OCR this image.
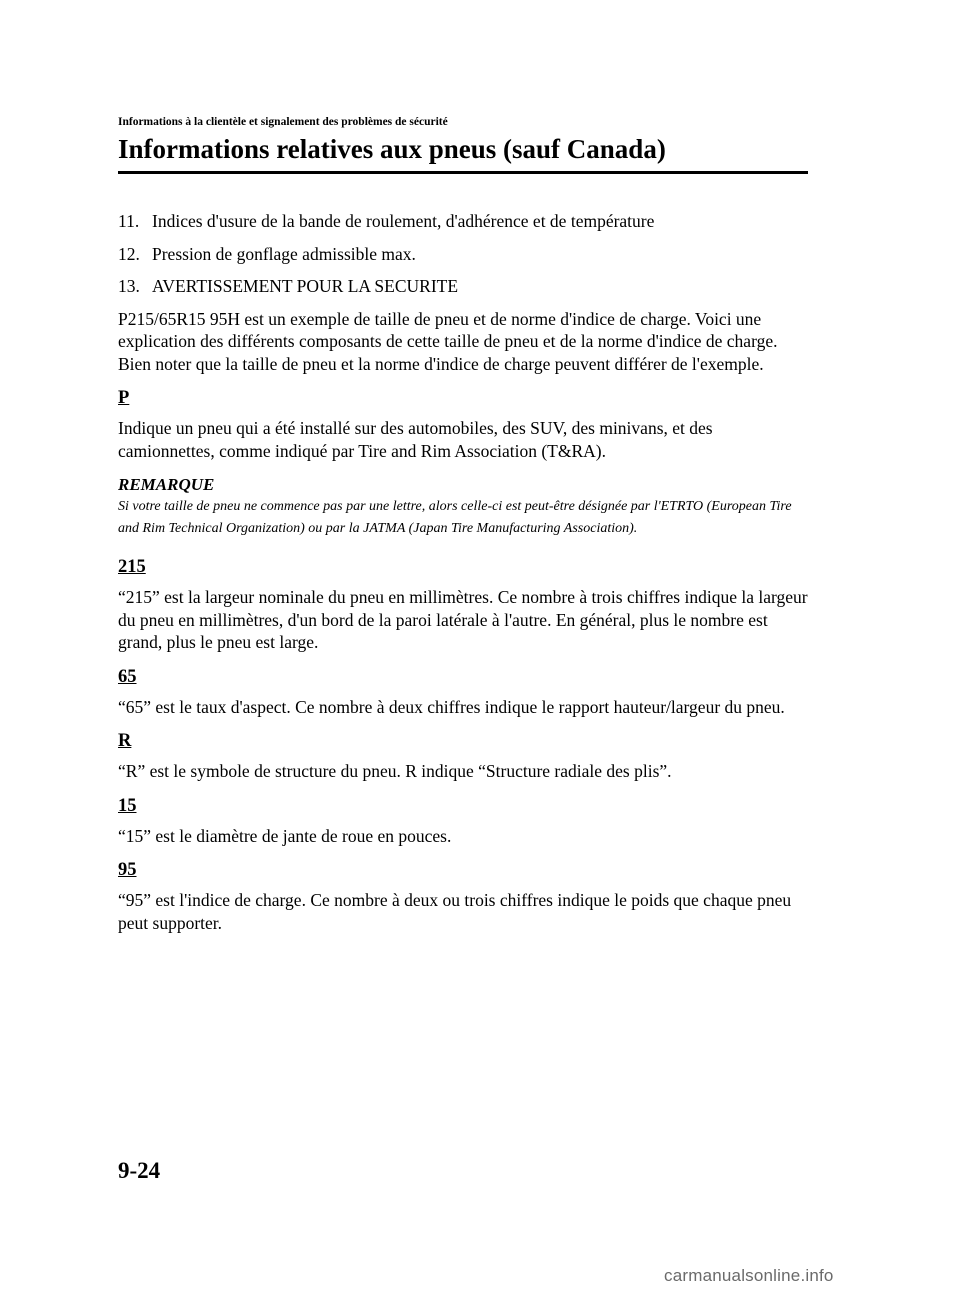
Informations à la clientèle et signalement des problèmes de sécurité
Informations relatives aux pneus (sauf Canada)
11. Indices d'usure de la bande de roulement, d'adhérence et de température
12. Pression de gonflage admissible max.
13. AVERTISSEMENT POUR LA SECURITE

P215/65R15 95H est un exemple de taille de pneu et de norme d'indice de charge. Voici une explication des différents composants de cette taille de pneu et de la norme d'indice de charge. Bien noter que la taille de pneu et la norme d'indice de charge peuvent différer de l'exemple.

P

Indique un pneu qui a été installé sur des automobiles, des SUV, des minivans, et des camionnettes, comme indiqué par Tire and Rim Association (T&RA).

REMARQUE

Si votre taille de pneu ne commence pas par une lettre, alors celle-ci est peut-être désignée par l'ETRTO (European Tire and Rim Technical Organization) ou par la JATMA (Japan Tire Manufacturing Association).

215

“215” est la largeur nominale du pneu en millimètres. Ce nombre à trois chiffres indique la largeur du pneu en millimètres, d'un bord de la paroi latérale à l'autre. En général, plus le nombre est grand, plus le pneu est large.

65

“65” est le taux d'aspect. Ce nombre à deux chiffres indique le rapport hauteur/largeur du pneu.

R

“R” est le symbole de structure du pneu. R indique “Structure radiale des plis”.

15

“15” est le diamètre de jante de roue en pouces.

95

“95” est l'indice de charge. Ce nombre à deux ou trois chiffres indique le poids que chaque pneu peut supporter.

9-24
carmanualsonline.info
